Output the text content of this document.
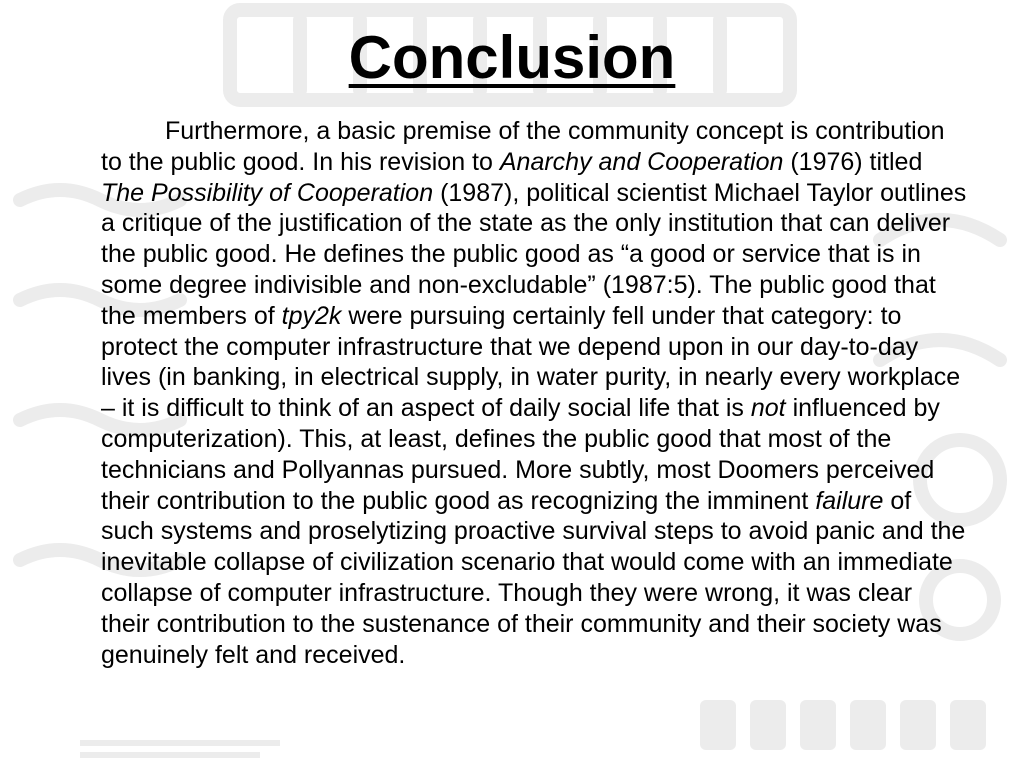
Conclusion

Furthermore, a basic premise of the community concept is contribution to the public good. In his revision to Anarchy and Cooperation (1976) titled The Possibility of Cooperation (1987), political scientist Michael Taylor outlines a critique of the justification of the state as the only institution that can deliver the public good. He defines the public good as “a good or service that is in some degree indivisible and non-excludable” (1987:5). The public good that the members of tpy2k were pursuing certainly fell under that category: to protect the computer infrastructure that we depend upon in our day-to-day lives (in banking, in electrical supply, in water purity, in nearly every workplace – it is difficult to think of an aspect of daily social life that is not influenced by computerization). This, at least, defines the public good that most of the technicians and Pollyannas pursued. More subtly, most Doomers perceived their contribution to the public good as recognizing the imminent failure of such systems and proselytizing proactive survival steps to avoid panic and the inevitable collapse of civilization scenario that would come with an immediate collapse of computer infrastructure. Though they were wrong, it was clear their contribution to the sustenance of their community and their society was genuinely felt and received.
